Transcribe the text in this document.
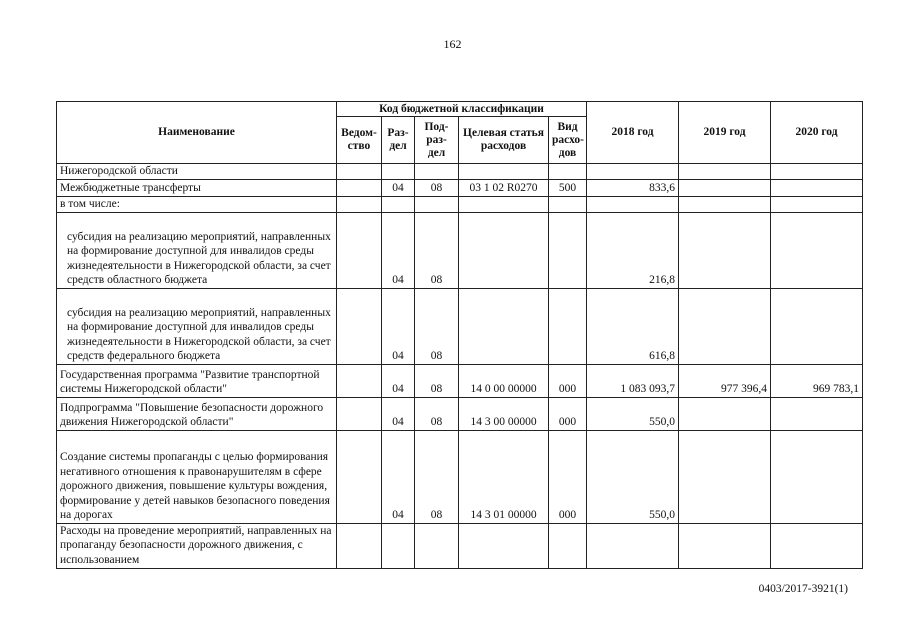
162
Наименование	Код бюджетной классификации					2018 год	2019 год	2020 год
	Ведом-ство	Раз-дел	Под-раз-дел	Целевая статья расходов	Вид расхо-дов			
Нижегородской области								
Межбюджетные трансферты		04	08	03 1 02 R0270	500	833,6		
в том числе:								
субсидия на реализацию мероприятий, направленных на формирование доступной для инвалидов среды жизнедеятельности в Нижегородской области, за счет средств областного бюджета		04	08			216,8		
субсидия на реализацию мероприятий, направленных на формирование доступной для инвалидов среды жизнедеятельности в Нижегородской области, за счет средств федерального бюджета		04	08			616,8		
Государственная программа "Развитие транспортной системы Нижегородской области"		04	08	14 0 00 00000	000	1 083 093,7	977 396,4	969 783,1
Подпрограмма "Повышение безопасности дорожного движения Нижегородской области"		04	08	14 3 00 00000	000	550,0		
Создание системы пропаганды с целью формирования негативного отношения к правонарушителям в сфере дорожного движения, повышение культуры вождения, формирование у детей навыков безопасного поведения на дорогах		04	08	14 3 01 00000	000	550,0		
Расходы на проведение мероприятий, направленных на пропаганду безопасности дорожного движения, с использованием								
0403/2017-3921(1)
